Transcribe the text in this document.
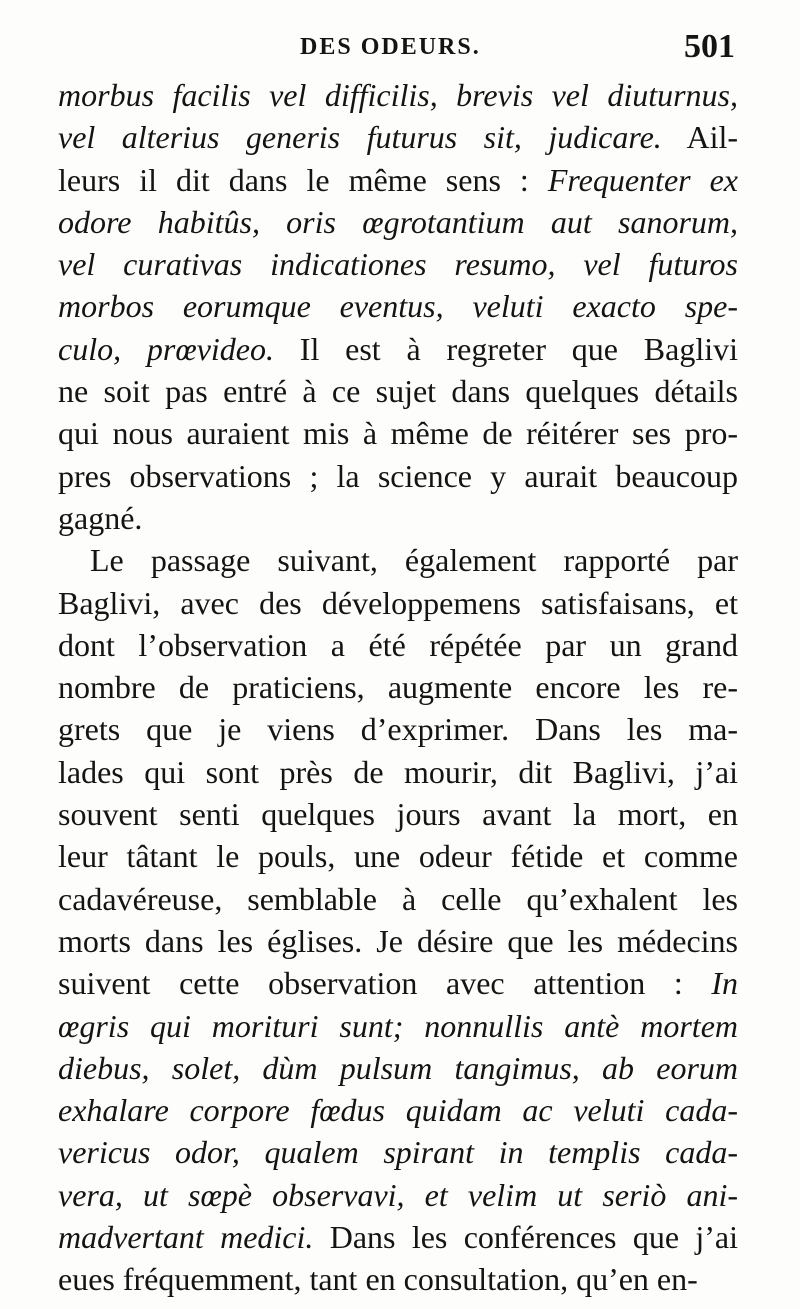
DES ODEURS.	501
morbus facilis vel difficilis, brevis vel diuturnus,
vel alterius generis futurus sit, judicare. Ail-
leurs il dit dans le même sens : Frequenter ex
odore habitûs, oris œgrotantium aut sanorum,
vel curativas indicationes resumo, vel futuros
morbos eorumque eventus, veluti exacto spe-
culo, prœvideo. Il est à regreter que Baglivi
ne soit pas entré à ce sujet dans quelques détails
qui nous auraient mis à même de réitérer ses pro-
pres observations ; la science y aurait beaucoup
gagné.
Le passage suivant, également rapporté par
Baglivi, avec des développemens satisfaisans, et
dont l’observation a été répétée par un grand
nombre de praticiens, augmente encore les re-
grets que je viens d’exprimer. Dans les ma-
lades qui sont près de mourir, dit Baglivi, j’ai
souvent senti quelques jours avant la mort, en
leur tâtant le pouls, une odeur fétide et comme
cadavéreuse, semblable à celle qu’exhalent les
morts dans les églises. Je désire que les médecins
suivent cette observation avec attention : In
œgris qui morituri sunt; nonnullis antè mortem
diebus, solet, dùm pulsum tangimus, ab eorum
exhalare corpore fœdus quidam ac veluti cada-
vericus odor, qualem spirant in templis cada-
vera, ut sœpè observavi, et velim ut seriò ani-
madvertant medici. Dans les conférences que j’ai
eues fréquemment, tant en consultation, qu’en en-
